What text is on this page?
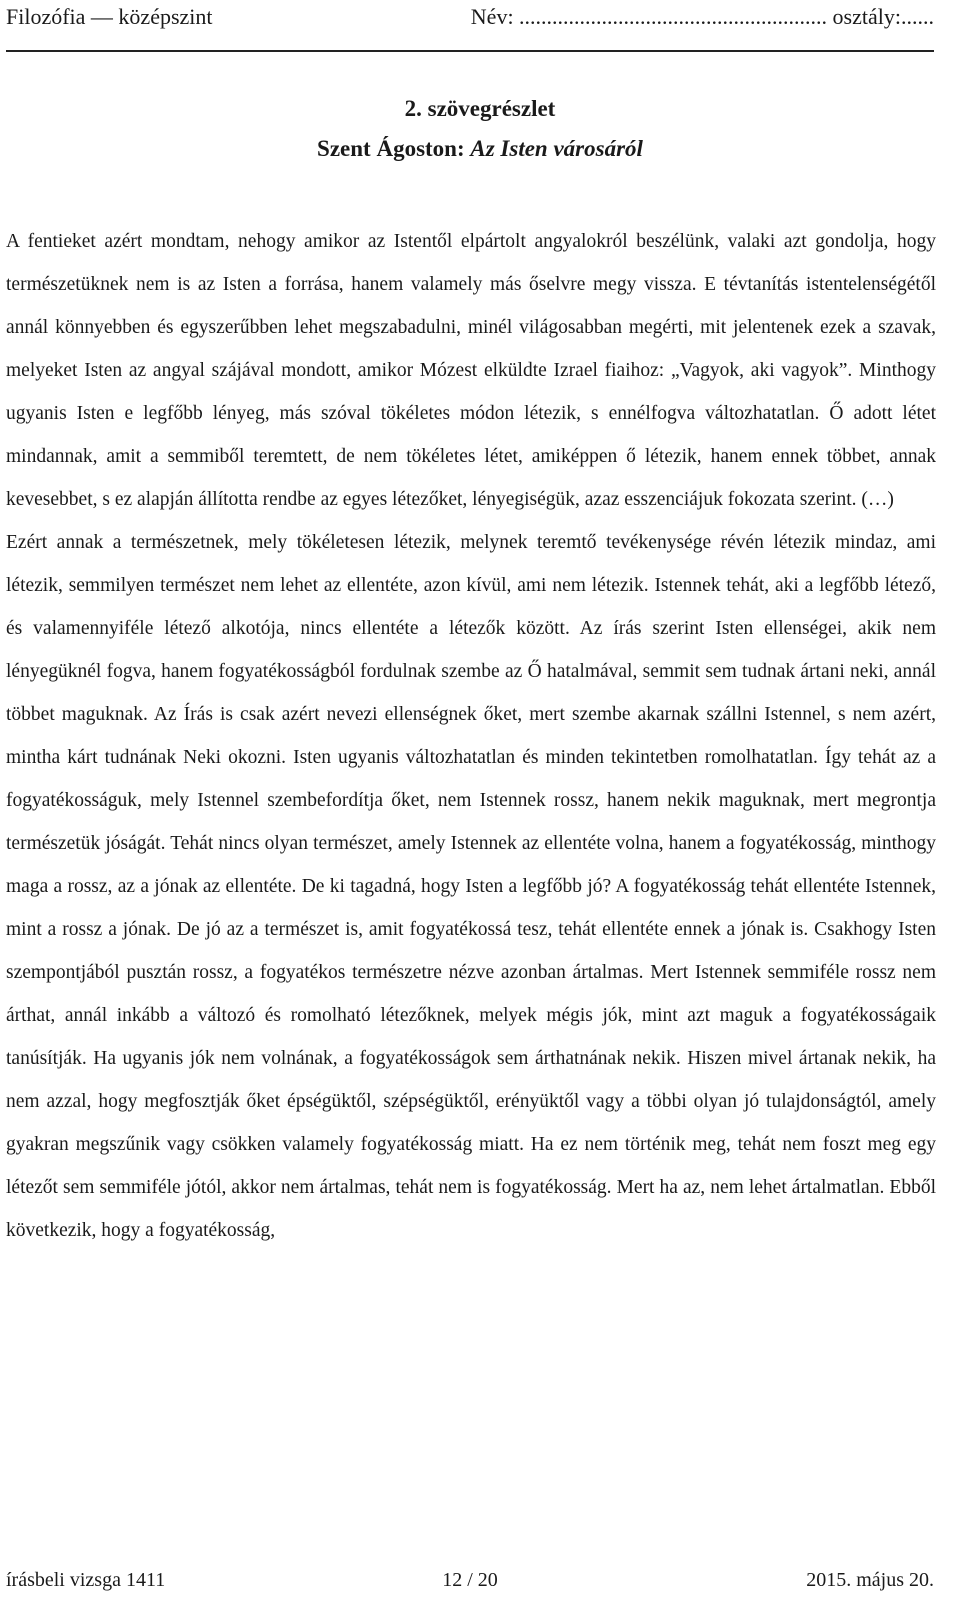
Filozófia — középszint	Név: ........................................................ osztály:......
2. szövegrészlet
Szent Ágoston: Az Isten városáról

A fentieket azért mondtam, nehogy amikor az Istentől elpártolt angyalokról beszélünk, valaki azt gondolja, hogy természetüknek nem is az Isten a forrása, hanem valamely más őselvre megy vissza. E tévtanítás istentelenségétől annál könnyebben és egyszerűbben lehet megszabadulni, minél világosabban megérti, mit jelentenek ezek a szavak, melyeket Isten az angyal szájával mondott, amikor Mózest elküldte Izrael fiaihoz: „Vagyok, aki vagyok”. Minthogy ugyanis Isten e legfőbb lényeg, más szóval tökéletes módon létezik, s ennélfogva változhatatlan. Ő adott létet mindannak, amit a semmiből teremtett, de nem tökéletes létet, amiképpen ő létezik, hanem ennek többet, annak kevesebbet, s ez alapján állította rendbe az egyes létezőket, lényegiségük, azaz esszenciájuk fokozata szerint. (…)

Ezért annak a természetnek, mely tökéletesen létezik, melynek teremtő tevékenysége révén létezik mindaz, ami létezik, semmilyen természet nem lehet az ellentéte, azon kívül, ami nem létezik. Istennek tehát, aki a legfőbb létező, és valamennyiféle létező alkotója, nincs ellentéte a létezők között. Az írás szerint Isten ellenségei, akik nem lényegüknél fogva, hanem fogyatékosságból fordulnak szembe az Ő hatalmával, semmit sem tudnak ártani neki, annál többet maguknak. Az Írás is csak azért nevezi ellenségnek őket, mert szembe akarnak szállni Istennel, s nem azért, mintha kárt tudnának Neki okozni. Isten ugyanis változhatatlan és minden tekintetben romolhatatlan. Így tehát az a fogyatékosságuk, mely Istennel szembefordítja őket, nem Istennek rossz, hanem nekik maguknak, mert megrontja természetük jóságát. Tehát nincs olyan természet, amely Istennek az ellentéte volna, hanem a fogyatékosság, minthogy maga a rossz, az a jónak az ellentéte. De ki tagadná, hogy Isten a legfőbb jó? A fogyatékosság tehát ellentéte Istennek, mint a rossz a jónak. De jó az a természet is, amit fogyatékossá tesz, tehát ellentéte ennek a jónak is. Csakhogy Isten szempontjából pusztán rossz, a fogyatékos természetre nézve azonban ártalmas. Mert Istennek semmiféle rossz nem árthat, annál inkább a változó és romolható létezőknek, melyek mégis jók, mint azt maguk a fogyatékosságaik tanúsítják. Ha ugyanis jók nem volnának, a fogyatékosságok sem árthatnának nekik. Hiszen mivel ártanak nekik, ha nem azzal, hogy megfosztják őket épségüktől, szépségüktől, erényüktől vagy a többi olyan jó tulajdonságtól, amely gyakran megszűnik vagy csökken valamely fogyatékosság miatt. Ha ez nem történik meg, tehát nem foszt meg egy létezőt sem semmiféle jótól, akkor nem ártalmas, tehát nem is fogyatékosság. Mert ha az, nem lehet ártalmatlan. Ebből következik, hogy a fogyatékosság,

12 / 20
írásbeli vizsga 1411	2015. május 20.
